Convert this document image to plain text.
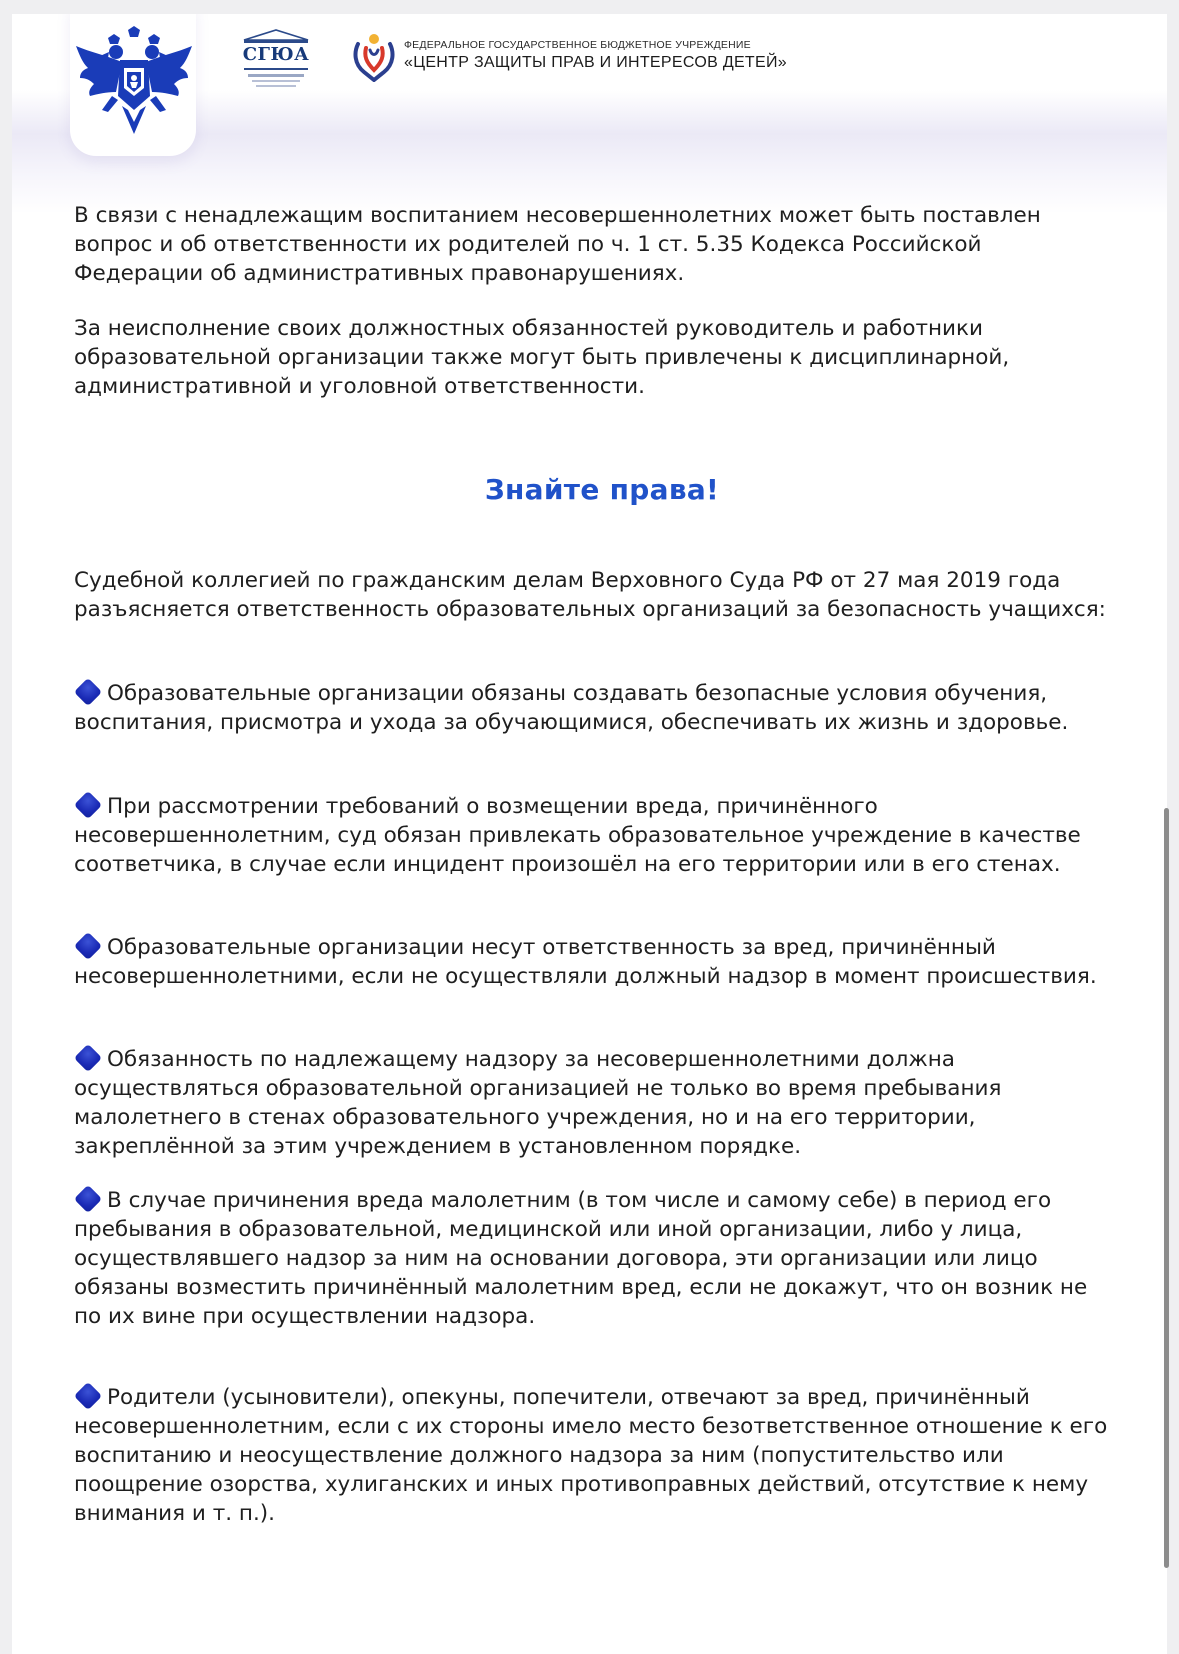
СГЮА	ФЕДЕРАЛЬНОЕ ГОСУДАРСТВЕННОЕ БЮДЖЕТНОЕ УЧРЕЖДЕНИЕ
«ЦЕНТР ЗАЩИТЫ ПРАВ И ИНТЕРЕСОВ ДЕТЕЙ»

В связи с ненадлежащим воспитанием несовершеннолетних может быть поставлен вопрос и об ответственности их родителей по ч. 1 ст. 5.35 Кодекса Российской Федерации об административных правонарушениях.

За неисполнение своих должностных обязанностей руководитель и работники образовательной организации также могут быть привлечены к дисциплинарной, административной и уголовной ответственности.

Знайте права!

Судебной коллегией по гражданским делам Верховного Суда РФ от 27 мая 2019 года разъясняется ответственность образовательных организаций за безопасность учащихся:

Образовательные организации обязаны создавать безопасные условия обучения, воспитания, присмотра и ухода за обучающимися, обеспечивать их жизнь и здоровье.

При рассмотрении требований о возмещении вреда, причинённого несовершеннолетним, суд обязан привлекать образовательное учреждение в качестве соответчика, в случае если инцидент произошёл на его территории или в его стенах.

Образовательные организации несут ответственность за вред, причинённый несовершеннолетними, если не осуществляли должный надзор в момент происшествия.

Обязанность по надлежащему надзору за несовершеннолетними должна осуществляться образовательной организацией не только во время пребывания малолетнего в стенах образовательного учреждения, но и на его территории, закреплённой за этим учреждением в установленном порядке.

В случае причинения вреда малолетним (в том числе и самому себе) в период его пребывания в образовательной, медицинской или иной организации, либо у лица, осуществлявшего надзор за ним на основании договора, эти организации или лицо обязаны возместить причинённый малолетним вред, если не докажут, что он возник не по их вине при осуществлении надзора.

Родители (усыновители), опекуны, попечители, отвечают за вред, причинённый несовершеннолетним, если с их стороны имело место безответственное отношение к его воспитанию и неосуществление должного надзора за ним (попустительство или поощрение озорства, хулиганских и иных противоправных действий, отсутствие к нему внимания и т. п.).
